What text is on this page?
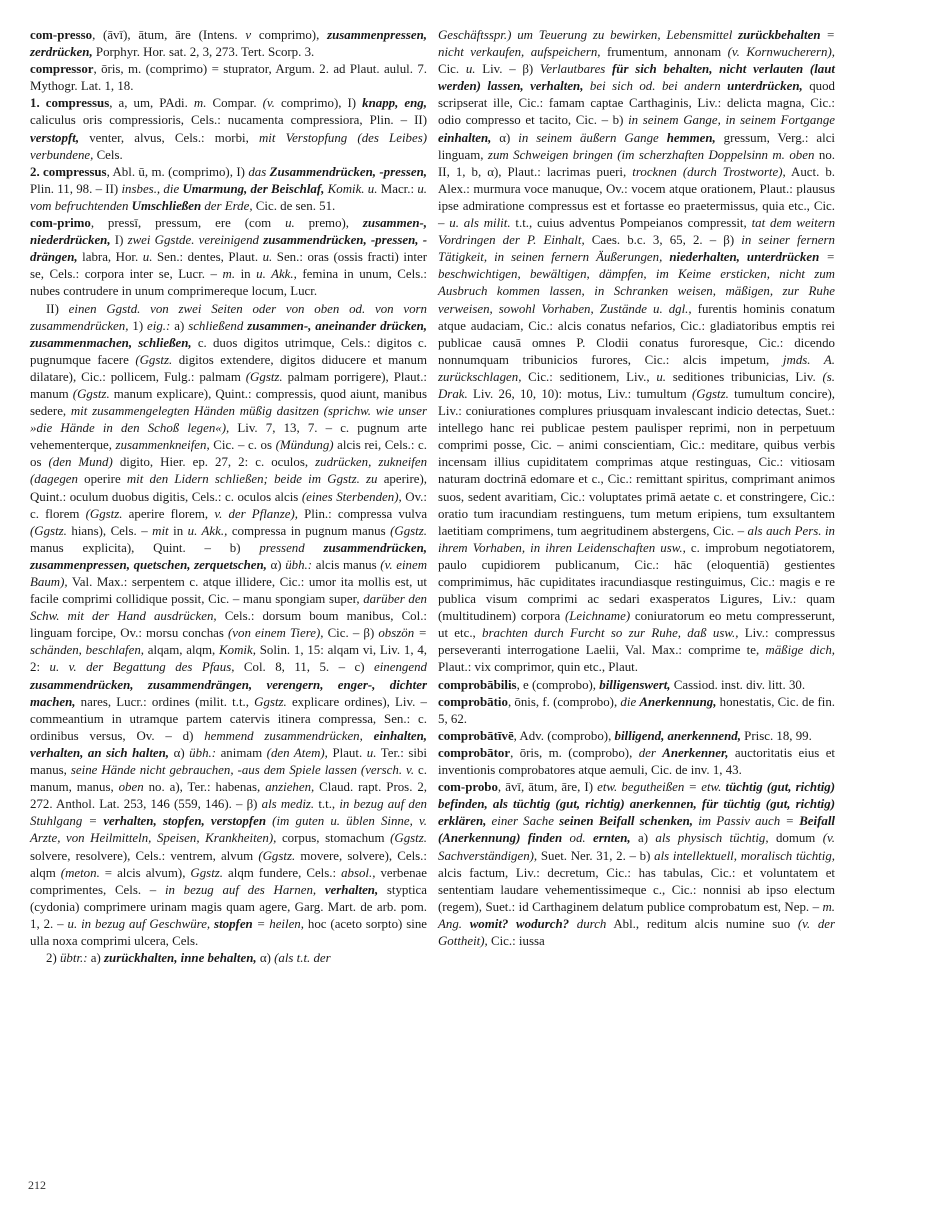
com-presso, (āvī), ātum, āre (Intens. v comprimo), zusammenpressen, zerdrücken, Porphyr. Hor. sat. 2, 3, 273. Tert. Scorp. 3.

compressor, ōris, m. (comprimo) = stuprator, Argum. 2. ad Plaut. aulul. 7. Mythogr. Lat. 1, 18.

1. compressus, a, um, PAdi. m. Compar. (v. comprimo), I) knapp, eng, caliculus oris compressioris, Cels.: nucamenta compressiora, Plin. – II) verstopft, venter, alvus, Cels.: morbi, mit Verstopfung (des Leibes) verbundene, Cels.

2. compressus, Abl. ū, m. (comprimo), I) das Zusammendrücken, -pressen, Plin. 11, 98. – II) insbes., die Umarmung, der Beischlaf, Komik. u. Macr.: u. vom befruchtenden Umschließen der Erde, Cic. de sen. 51.

com-primo, pressī, pressum, ere (com u. premo), zusammen-, niederdrücken, I) zwei Ggstde. vereinigend zusammendrücken, -pressen, -drängen, labra, Hor. u. Sen.: dentes, Plaut. u. Sen.: oras (ossis fracti) inter se, Cels.: corpora inter se, Lucr. – m. in u. Akk., femina in unum, Cels.: nubes contrudere in unum comprimereque locum, Lucr.

II) einen Ggstd. von zwei Seiten oder von oben od. von vorn zusammendrücken, 1) eig.: a) schließend zusammen-, aneinander drücken, zusammenmachen, schließen, c. duos digitos utrimque, Cels.: digitos c. pugnumque facere (Ggstz. digitos extendere, digitos diducere et manum dilatare), Cic.: pollicem, Fulg.: palmam (Ggstz. palmam porrigere), Plaut.: manum (Ggstz. manum explicare), Quint.: compressis, quod aiunt, manibus sedere, mit zusammengelegten Händen müßig dasitzen (sprichw. wie unser »die Hände in den Schoß legen«), Liv. 7, 13, 7. – c. pugnum arte vehementerque, zusammenkneifen, Cic. – c. os (Mündung) alcis rei, Cels.: c. os (den Mund) digito, Hier. ep. 27, 2: c. oculos, zudrücken, zukneifen (dagegen operire mit den Lidern schließen; beide im Ggstz. zu aperire), Quint.: oculum duobus digitis, Cels.: c. oculos alcis (eines Sterbenden), Ov.: c. florem (Ggstz. aperire florem, v. der Pflanze), Plin.: compressa vulva (Ggstz. hians), Cels. – mit in u. Akk., compressa in pugnum manus (Ggstz. manus explicita), Quint. – b) pressend zusammendrücken, zusammenpressen, quetschen, zerquetschen, α) übh.: alcis manus (v. einem Baum), Val. Max.: serpentem c. atque illidere, Cic.: umor ita mollis est, ut facile comprimi collidique possit, Cic. – manu spongiam super, darüber den Schw. mit der Hand ausdrücken, Cels.: dorsum boum manibus, Col.: linguam forcipe, Ov.: morsu conchas (von einem Tiere), Cic. – β) obszön = schänden, beschlafen, alqam, alqm, Komik, Solin. 1, 15: alqam vi, Liv. 1, 4, 2: u. v. der Begattung des Pfaus, Col. 8, 11, 5. – c) einengend zusammendrücken, zusammendrängen, verengern, enger-, dichter machen, nares, Lucr.: ordines (milit. t.t., Ggstz. explicare ordines), Liv. – commeantium in utramque partem catervis itinera compressa, Sen.: c. ordinibus versus, Ov. – d) hemmend zusammendrücken, einhalten, verhalten, an sich halten, α) übh.: animam (den Atem), Plaut. u. Ter.: sibi manus, seine Hände nicht gebrauchen, -aus dem Spiele lassen (versch. v. c. manum, manus, oben no. a), Ter.: habenas, anziehen, Claud. rapt. Pros. 2, 272. Anthol. Lat. 253, 146 (559, 146). – β) als mediz. t.t., in bezug auf den Stuhlgang = verhalten, stopfen, verstopfen (im guten u. üblen Sinne, v. Arzte, von Heilmitteln, Speisen, Krankheiten), corpus, stomachum (Ggstz. solvere, resolvere), Cels.: ventrem, alvum (Ggstz. movere, solvere), Cels.: alqm (meton. = alcis alvum), Ggstz. alqm fundere, Cels.: absol., verbenae comprimentes, Cels. – in bezug auf des Harnen, verhalten, styptica (cydonia) comprimere urinam magis quam agere, Garg. Mart. de arb. pom. 1, 2. – u. in bezug auf Geschwüre, stopfen = heilen, hoc (aceto sorpto) sine ulla noxa comprimi ulcera, Cels.

2) übtr.: a) zurückhalten, inne behalten, α) (als t.t. der

Geschäftsspr.) um Teuerung zu bewirken, Lebensmittel zurückbehalten = nicht verkaufen, aufspeichern, frumentum, annonam (v. Kornwucherern), Cic. u. Liv. – β) Verlautbares für sich behalten, nicht verlauten (laut werden) lassen, verhalten, bei sich od. bei andern unterdrücken, quod scripserat ille, Cic.: famam captae Carthaginis, Liv.: delicta magna, Cic.: odio compresso et tacito, Cic. – b) in seinem Gange, in seinem Fortgange einhalten, α) in seinem äußern Gange hemmen, gressum, Verg.: alci linguam, zum Schweigen bringen (im scherzhaften Doppelsinn m. oben no. II, 1, b, α), Plaut.: lacrimas pueri, trocknen (durch Trostworte), Auct. b. Alex.: murmura voce manuque, Ov.: vocem atque orationem, Plaut.: plausus ipse admiratione compressus est et fortasse eo praetermissus, quia etc., Cic. – u. als milit. t.t., cuius adventus Pompeianos compressit, tat dem weitern Vordringen der P. Einhalt, Caes. b.c. 3, 65, 2. – β) in seiner fernern Tätigkeit, in seinen fernern Äußerungen, niederhalten, unterdrücken = beschwichtigen, bewältigen, dämpfen, im Keime ersticken, nicht zum Ausbruch kommen lassen, in Schranken weisen, mäßigen, zur Ruhe verweisen, sowohl Vorhaben, Zustände u. dgl., furentis hominis conatum atque audaciam, Cic.: alcis conatus nefarios, Cic.: gladiatoribus emptis rei publicae causā omnes P. Clodii conatus furoresque, Cic.: dicendo nonnumquam tribunicios furores, Cic.: alcis impetum, jmds. A. zurückschlagen, Cic.: seditionem, Liv., u. seditiones tribunicias, Liv. (s. Drak. Liv. 26, 10, 10): motus, Liv.: tumultum (Ggstz. tumultum concire), Liv.: coniurationes complures priusquam invalescant indicio detectas, Suet.: intellego hanc rei publicae pestem paulisper reprimi, non in perpetuum comprimi posse, Cic. – animi conscientiam, Cic.: meditare, quibus verbis incensam illius cupiditatem comprimas atque restinguas, Cic.: vitiosam naturam doctrinā edomare et c., Cic.: remittant spiritus, comprimant animos suos, sedent avaritiam, Cic.: voluptates primā aetate c. et constringere, Cic.: oratio tum iracundiam restinguens, tum metum eripiens, tum exsultantem laetitiam comprimens, tum aegritudinem abstergens, Cic. – als auch Pers. in ihrem Vorhaben, in ihren Leidenschaften usw., c. improbum negotiatorem, paulo cupidiorem publicanum, Cic.: hāc (eloquentiā) gestientes comprimimus, hāc cupiditates iracundiasque restinguimus, Cic.: magis e re publica visum comprimi ac sedari exasperatos Ligures, Liv.: quam (multitudinem) corpora (Leichname) coniuratorum eo metu compresserunt, ut etc., brachten durch Furcht so zur Ruhe, daß usw., Liv.: compressus perseveranti interrogatione Laelii, Val. Max.: comprime te, mäßige dich, Plaut.: vix comprimor, quin etc., Plaut.

comprobābilis, e (comprobo), billigenswert, Cassiod. inst. div. litt. 30.

comprobātio, ōnis, f. (comprobo), die Anerkennung, honestatis, Cic. de fin. 5, 62.

comprobātīvē, Adv. (comprobo), billigend, anerkennend, Prisc. 18, 99.

comprobātor, ōris, m. (comprobo), der Anerkenner, auctoritatis eius et inventionis comprobatores atque aemuli, Cic. de inv. 1, 43.

com-probo, āvī, ātum, āre, I) etw. begutheißen = etw. tüchtig (gut, richtig) befinden, als tüchtig (gut, richtig) anerkennen, für tüchtig (gut, richtig) erklären, einer Sache seinen Beifall schenken, im Passiv auch = Beifall (Anerkennung) finden od. ernten, a) als physisch tüchtig, domum (v. Sachverständigen), Suet. Ner. 31, 2. – b) als intellektuell, moralisch tüchtig, alcis factum, Liv.: decretum, Cic.: has tabulas, Cic.: et voluntatem et sententiam laudare vehementissimeque c., Cic.: nonnisi ab ipso electum (regem), Suet.: id Carthaginem delatum publice comprobatum est, Nep. – m. Ang. womit? wodurch? durch Abl., reditum alcis numine suo (v. der Gottheit), Cic.: iussa

212
